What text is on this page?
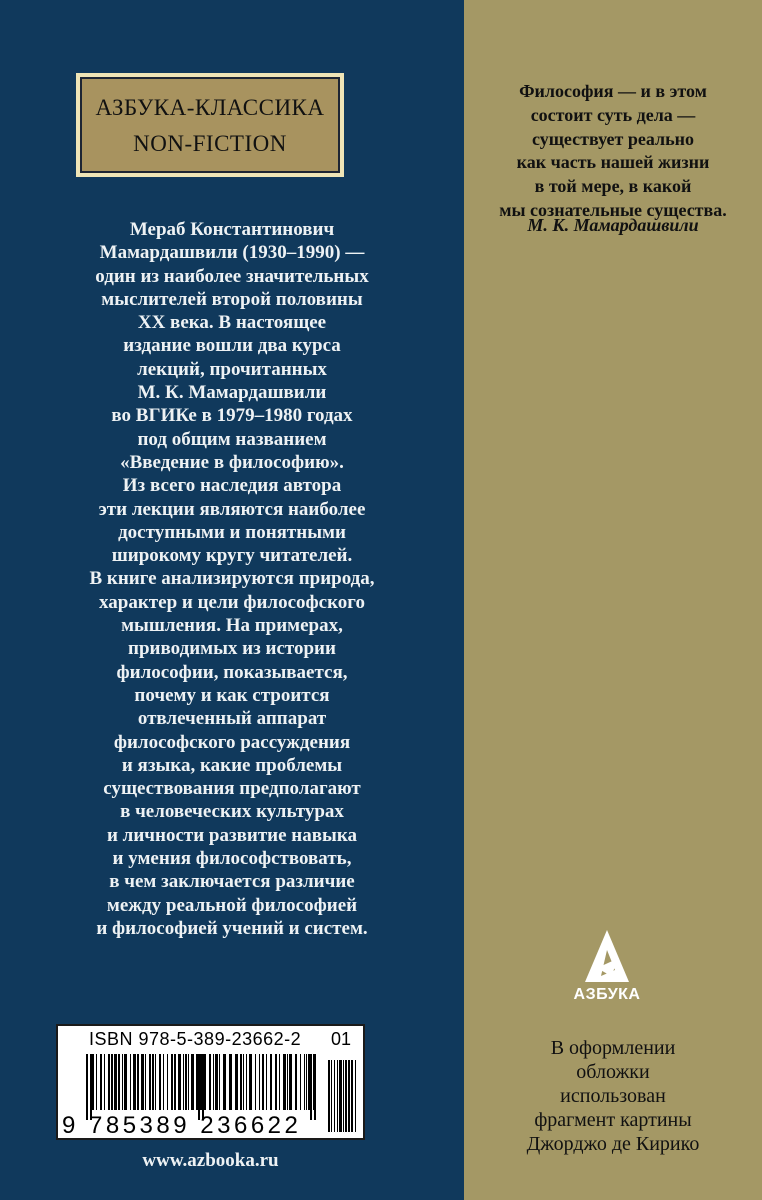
АЗБУКА-КЛАССИКА
NON-FICTION
Мераб Константинович
Мамардашвили (1930–1990) —
один из наиболее значительных
мыслителей второй половины
XX века. В настоящее
издание вошли два курса
лекций, прочитанных
М. К. Мамардашвили
во ВГИКе в 1979–1980 годах
под общим названием
«Введение в философию».
Из всего наследия автора
эти лекции являются наиболее
доступными и понятными
широкому кругу читателей.
В книге анализируются природа,
характер и цели философского
мышления. На примерах,
приводимых из истории
философии, показывается,
почему и как строится
отвлеченный аппарат
философского рассуждения
и языка, какие проблемы
существования предполагают
в человеческих культурах
и личности развитие навыка
и умения философствовать,
в чем заключается различие
между реальной философией
и философией учений и систем.
ISBN 978-5-389-23662-2 01
9 785389 236622
www.azbooka.ru
Философия — и в этом
состоит суть дела —
существует реально
как часть нашей жизни
в той мере, в какой
мы сознательные существа.
М. К. Мамардашвили
АЗБУКА
В оформлении
обложки
использован
фрагмент картины
Джорджо де Кирико
